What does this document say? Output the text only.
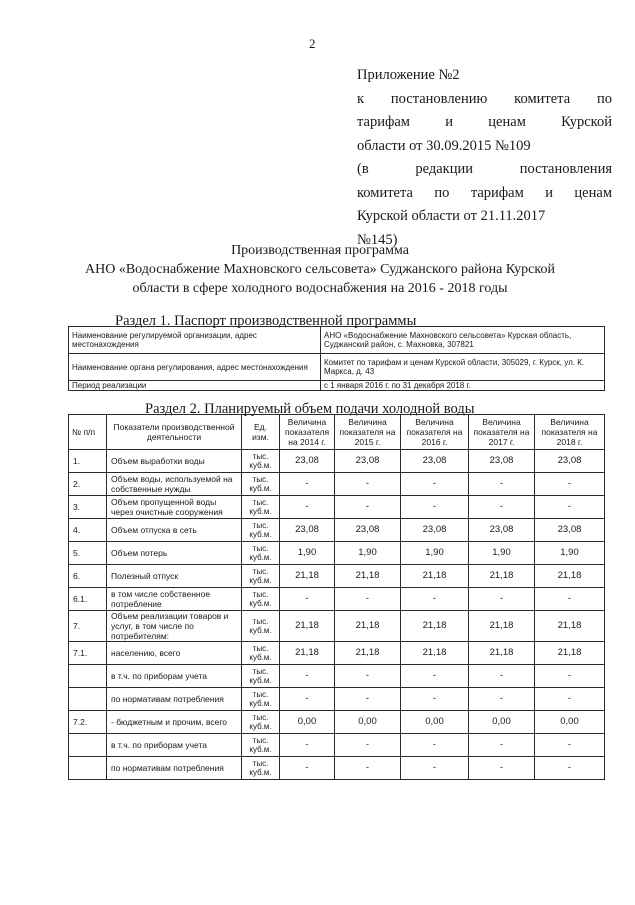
2
Приложение №2
к постановлению комитета по
тарифам и ценам Курской
области от 30.09.2015 №109
(в редакции постановления
комитета по тарифам и ценам
Курской области от 21.11.2017
№145)
Производственная программа
АНО «Водоснабжение Махновского сельсовета» Суджанского района Курской
области в сфере холодного водоснабжения на 2016 - 2018 годы
Раздел 1. Паспорт производственной программы
Наименование регулируемой организации, адрес местонахождения	АНО «Водоснабжение Махновского сельсовета» Курская область, Суджанский район, с. Махновка, 307821
Наименование органа регулирования, адрес местонахождения	Комитет по тарифам и ценам Курской области, 305029, г. Курск, ул. К. Маркса, д. 43
Период реализации	с 1 января 2016 г. по 31 декабря 2018 г.
Раздел 2. Планируемый объем подачи холодной воды
№ п/п	Показатели производственной деятельности	Ед. изм.	Величина показателя на 2014 г.	Величина показателя на 2015 г.	Величина показателя на 2016 г.	Величина показателя на 2017 г.	Величина показателя на 2018 г.
1.	Объем выработки воды	тыс. куб.м.	23,08	23,08	23,08	23,08	23,08
2.	Объем воды, используемой на собственные нужды	тыс. куб.м.	-	-	-	-	-
3.	Объем пропущенной воды через очистные сооружения	тыс. куб.м.	-	-	-	-	-
4.	Объем отпуска в сеть	тыс. куб.м.	23,08	23,08	23,08	23,08	23,08
5.	Объем потерь	тыс. куб.м.	1,90	1,90	1,90	1,90	1,90
6.	Полезный отпуск	тыс. куб.м.	21,18	21,18	21,18	21,18	21,18
6.1.	в том числе собственное потребление	тыс. куб.м.	-	-	-	-	-
7.	Объем реализации товаров и услуг, в том числе по потребителям:	тыс. куб.м.	21,18	21,18	21,18	21,18	21,18
7.1.	населению, всего	тыс. куб.м.	21,18	21,18	21,18	21,18	21,18
	в т.ч. по приборам учета	тыс. куб.м.	-	-	-	-	-
	по нормативам потребления	тыс. куб.м.	-	-	-	-	-
7.2.	- бюджетным и прочим, всего	тыс. куб.м.	0,00	0,00	0,00	0,00	0,00
	в т.ч. по приборам учета	тыс. куб.м.	-	-	-	-	-
	по нормативам потребления	тыс. куб.м.	-	-	-	-	-
